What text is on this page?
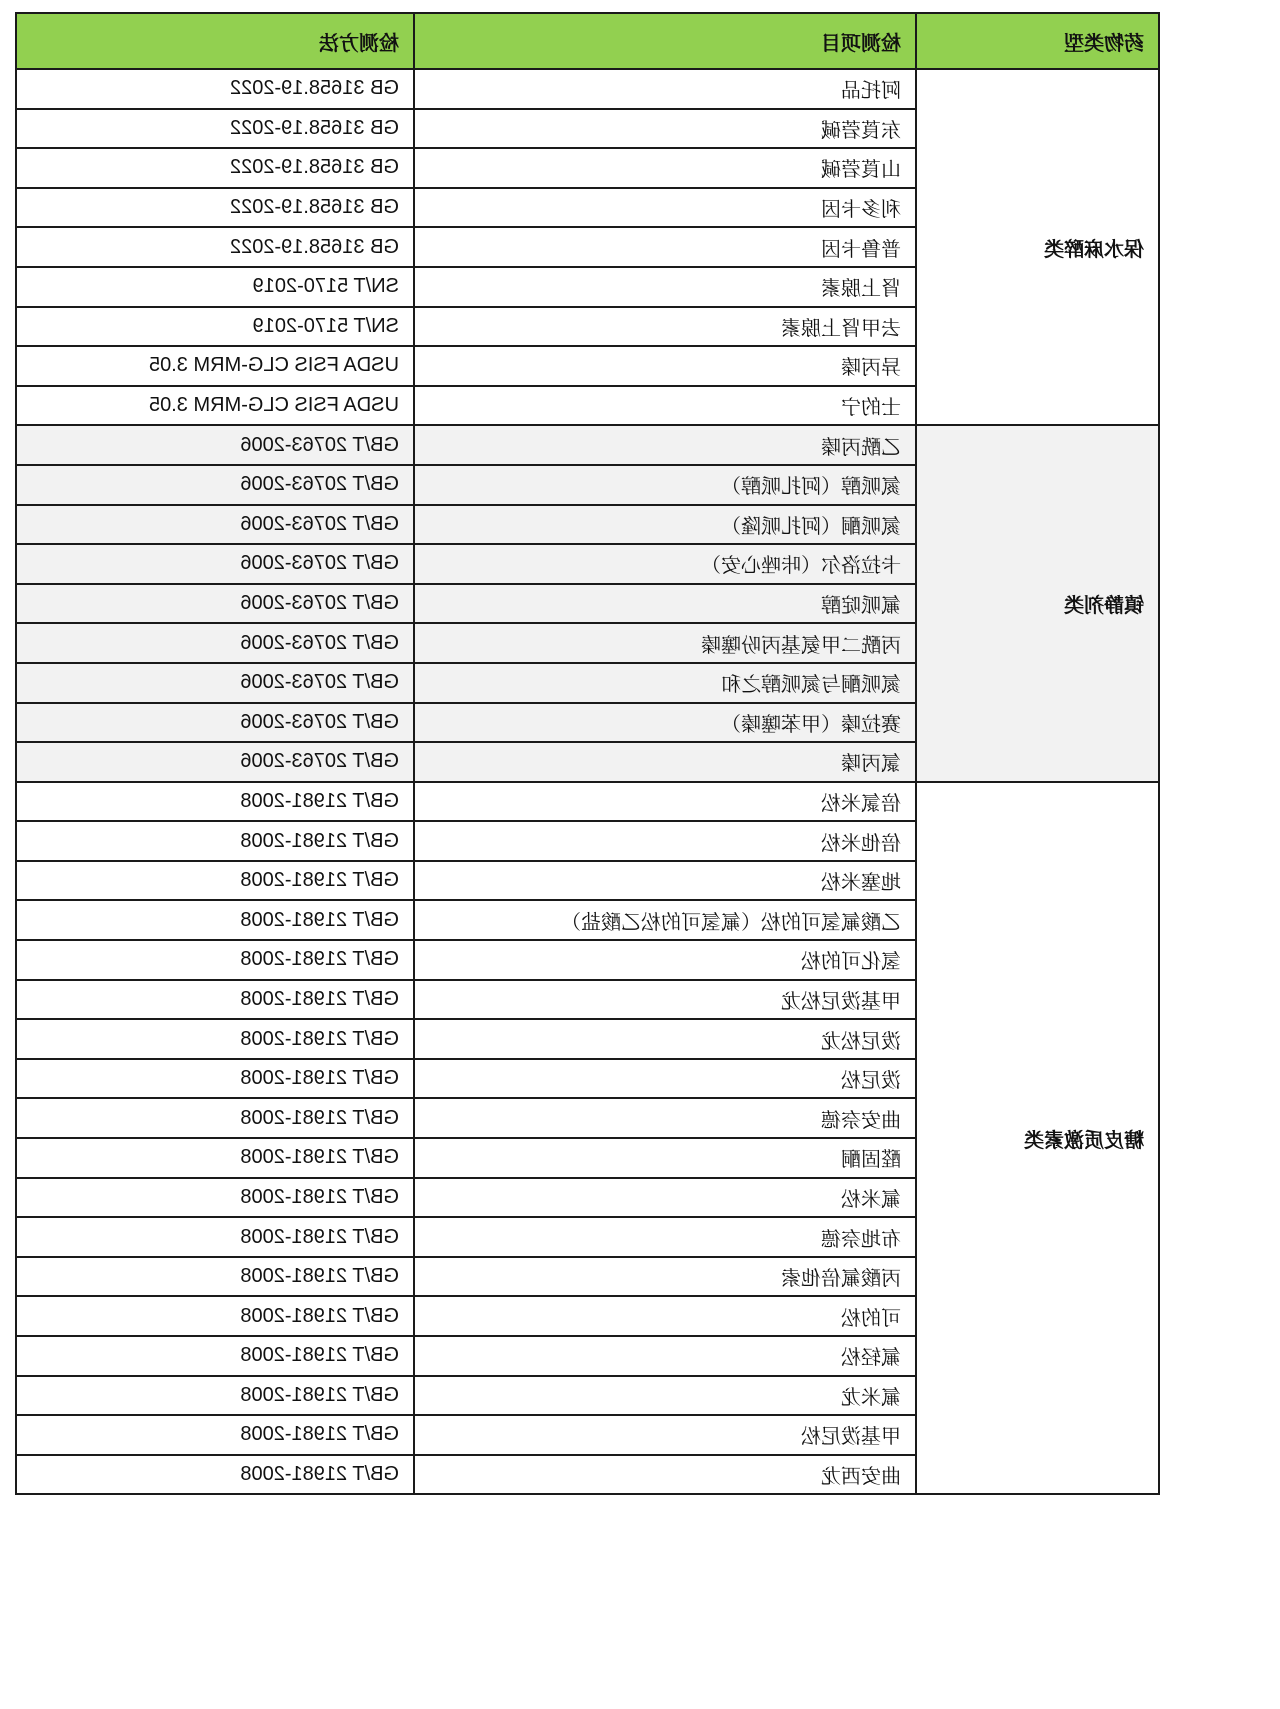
药物类型	检测项目	检测方法
保水麻醉类	阿托品	GB 31658.19-2022
	东莨菪碱	GB 31658.19-2022
	山莨菪碱	GB 31658.19-2022
	利多卡因	GB 31658.19-2022
	普鲁卡因	GB 31658.19-2022
	肾上腺素	SN/T 5170-2019
	去甲肾上腺素	SN/T 5170-2019
	异丙嗪	USDA FSIS CLG-MRM 3.05
	士的宁	USDA FSIS CLG-MRM 3.05
镇静剂类	乙酰丙嗪	GB/T 20763-2006
	氮哌醇（阿扎哌醇）	GB/T 20763-2006
	氮哌酮（阿扎哌隆）	GB/T 20763-2006
	卡拉洛尔（咔唑心安）	GB/T 20763-2006
	氟哌啶醇	GB/T 20763-2006
	丙酰二甲氨基丙吩噻嗪	GB/T 20763-2006
	氮哌酮与氮哌醇之和	GB/T 20763-2006
	赛拉嗪（甲苯噻嗪）	GB/T 20763-2006
	氯丙嗪	GB/T 20763-2006
糖皮质激素类	倍氯米松	GB/T 21981-2008
	倍他米松	GB/T 21981-2008
	地塞米松	GB/T 21981-2008
	乙酸氟氢可的松（氟氢可的松乙酸盐）	GB/T 21981-2008
	氢化可的松	GB/T 21981-2008
	甲基泼尼松龙	GB/T 21981-2008
	泼尼松龙	GB/T 21981-2008
	泼尼松	GB/T 21981-2008
	曲安奈德	GB/T 21981-2008
	醛固酮	GB/T 21981-2008
	氟米松	GB/T 21981-2008
	布地奈德	GB/T 21981-2008
	丙酸氟倍他索	GB/T 21981-2008
	可的松	GB/T 21981-2008
	氟轻松	GB/T 21981-2008
	氟米龙	GB/T 21981-2008
	甲基泼尼松	GB/T 21981-2008
	曲安西龙	GB/T 21981-2008
